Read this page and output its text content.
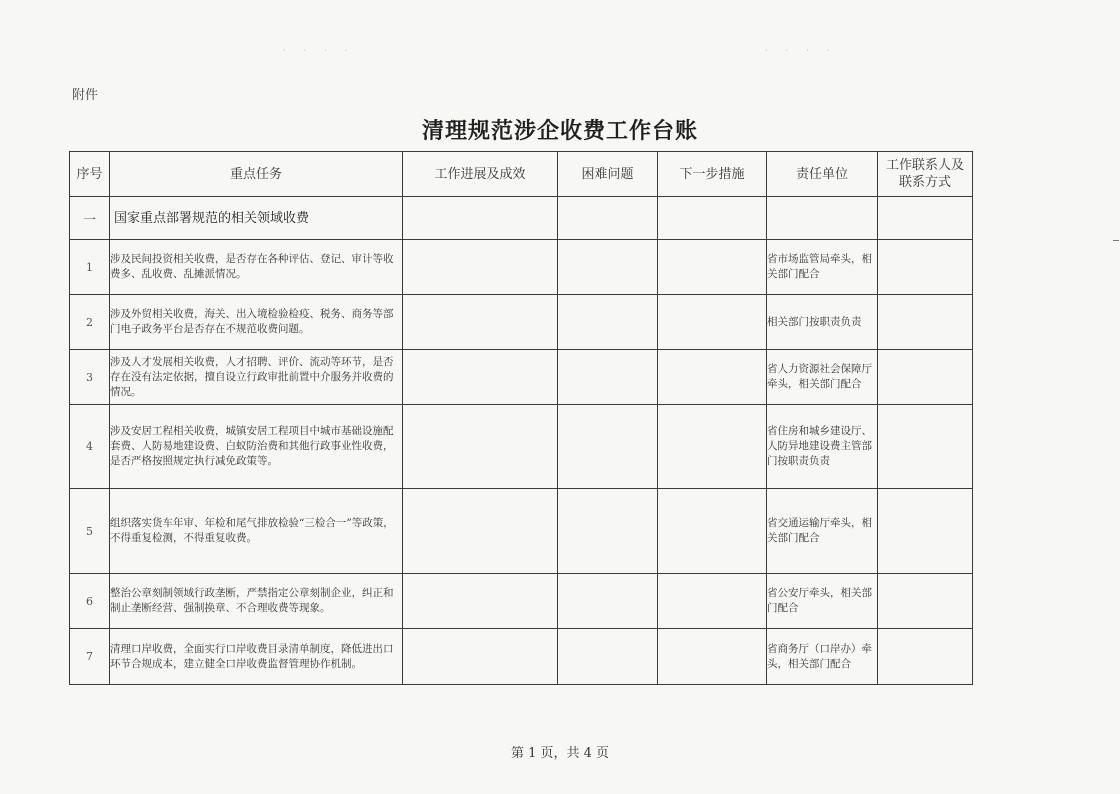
····	····
附件
清理规范涉企收费工作台账
序号	重点任务	工作进展及成效	困难问题	下一步措施	责任单位	工作联系人及联系方式
一	国家重点部署规范的相关领域收费					
1	涉及民间投资相关收费，是否存在各种评估、登记、审计等收费多、乱收费、乱摊派情况。				省市场监管局牵头，相关部门配合	
2	涉及外贸相关收费，海关、出入境检验检疫、税务、商务等部门电子政务平台是否存在不规范收费问题。				相关部门按职责负责	
3	涉及人才发展相关收费，人才招聘、评价、流动等环节，是否存在没有法定依据，擅自设立行政审批前置中介服务并收费的情况。				省人力资源社会保障厅牵头，相关部门配合	
4	涉及安居工程相关收费，城镇安居工程项目中城市基础设施配套费、人防易地建设费、白蚁防治费和其他行政事业性收费，是否严格按照规定执行减免政策等。				省住房和城乡建设厅、人防异地建设费主管部门按职责负责	
5	组织落实货车年审、年检和尾气排放检验“三检合一”等政策，不得重复检测，不得重复收费。				省交通运输厅牵头，相关部门配合	
6	整治公章刻制领域行政垄断，严禁指定公章刻制企业，纠正和制止垄断经营、强制换章、不合理收费等现象。				省公安厅牵头，相关部门配合	
7	清理口岸收费，全面实行口岸收费目录清单制度，降低进出口环节合规成本，建立健全口岸收费监督管理协作机制。				省商务厅（口岸办）牵头，相关部门配合	
第 1 页，共 4 页
